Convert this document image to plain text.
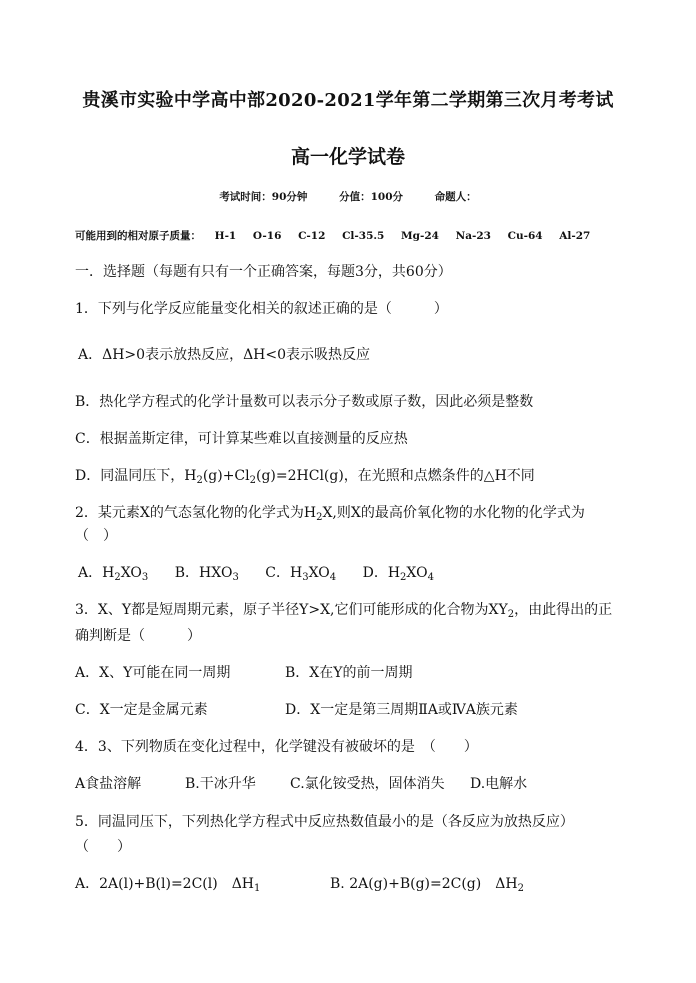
贵溪市实验中学高中部2020-2021学年第二学期第三次月考考试
高一化学试卷
考试时间：90分钟	分值：100分	命题人：
可能用到的相对原子质量： H-1 O-16 C-12 Cl-35.5 Mg-24 Na-23 Cu-64 Al-27
一．选择题（每题有只有一个正确答案，每题3分，共60分）
1．下列与化学反应能量变化相关的叙述正确的是（　　　）
A．ΔH>0表示放热反应，ΔH<0表示吸热反应
B．热化学方程式的化学计量数可以表示分子数或原子数，因此必须是整数
C．根据盖斯定律，可计算某些难以直接测量的反应热
D．同温同压下，$H_2(g)+Cl_2(g)=2HCl(g)$，在光照和点燃条件的△H不同
2．某元素X的气态氢化物的化学式为$H_2X$,则X的最高价氧化物的水化物的化学式为
（　）
A．$H_2XO_3$ B．$HXO_3$ C．$H_3XO_4$ D．$H_2XO_4$
3．X、Y都是短周期元素，原子半径Y>X,它们可能形成的化合物为$XY_2$，由此得出的正
确判断是（　　　）
A．X、Y可能在同一周期	B．X在Y的前一周期
C．X一定是金属元素	D．X一定是第三周期ⅡA或ⅣA族元素
4．3、下列物质在变化过程中，化学键没有被破坏的是　（　　）
A食盐溶解	B.干冰升华 C.氯化铵受热，固体消失 D.电解水
5．同温同压下，下列热化学方程式中反应热数值最小的是（各反应为放热反应）
（　　）
A．2A(l)+B(l)=2C(l)　$\Delta H_1$	B. 2A(g)+B(g)=2C(g)　$\Delta H_2$
